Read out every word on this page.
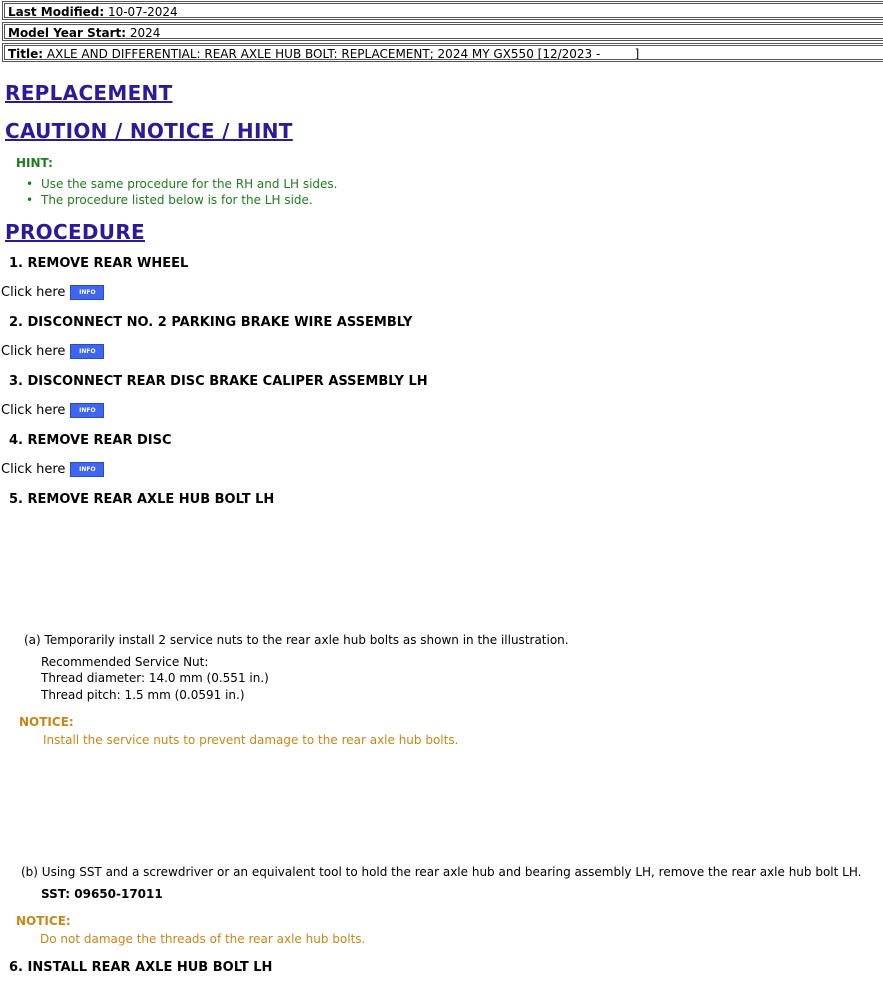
Last Modified: 10-07-2024
Model Year Start: 2024
Title: AXLE AND DIFFERENTIAL: REAR AXLE HUB BOLT: REPLACEMENT; 2024 MY GX550 [12/2023 -         ]
REPLACEMENT
CAUTION / NOTICE / HINT
HINT:
• Use the same procedure for the RH and LH sides.
• The procedure listed below is for the LH side.
PROCEDURE
1. REMOVE REAR WHEEL
Click here	INFO
2. DISCONNECT NO. 2 PARKING BRAKE WIRE ASSEMBLY
Click here	INFO
3. DISCONNECT REAR DISC BRAKE CALIPER ASSEMBLY LH
Click here	INFO
4. REMOVE REAR DISC
Click here	INFO
5. REMOVE REAR AXLE HUB BOLT LH
(a) Temporarily install 2 service nuts to the rear axle hub bolts as shown in the illustration.
Recommended Service Nut:
Thread diameter: 14.0 mm (0.551 in.)
Thread pitch: 1.5 mm (0.0591 in.)
NOTICE:
Install the service nuts to prevent damage to the rear axle hub bolts.
(b) Using SST and a screwdriver or an equivalent tool to hold the rear axle hub and bearing assembly LH, remove the rear axle hub bolt LH.
SST: 09650-17011
NOTICE:
Do not damage the threads of the rear axle hub bolts.
6. INSTALL REAR AXLE HUB BOLT LH
